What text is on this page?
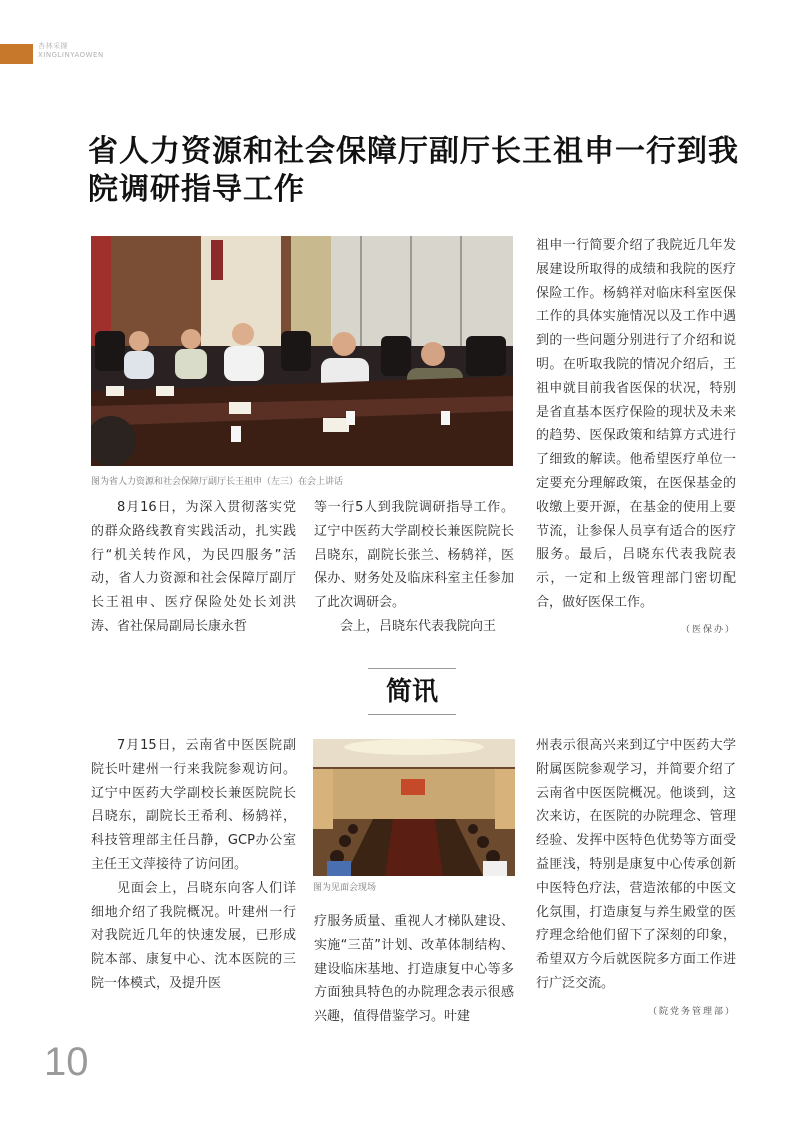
杏林采撷
XINGLINYAOWEN
省人力资源和社会保障厅副厅长王祖申一行到我院调研指导工作
图为省人力资源和社会保障厅副厅长王祖申（左三）在会上讲话

8月16日，为深入贯彻落实党的群众路线教育实践活动，扎实践行“机关转作风，为民四服务”活动，省人力资源和社会保障厅副厅长王祖申、医疗保险处处长刘洪涛、省社保局副局长康永哲

等一行5人到我院调研指导工作。辽宁中医药大学副校长兼医院院长吕晓东，副院长张兰、杨鸫祥，医保办、财务处及临床科室主任参加了此次调研会。

会上，吕晓东代表我院向王

祖申一行简要介绍了我院近几年发展建设所取得的成绩和我院的医疗保险工作。杨鸫祥对临床科室医保工作的具体实施情况以及工作中遇到的一些问题分别进行了介绍和说明。在听取我院的情况介绍后，王祖申就目前我省医保的状况，特别是省直基本医疗保险的现状及未来的趋势、医保政策和结算方式进行了细致的解读。他希望医疗单位一定要充分理解政策，在医保基金的收缴上要开源，在基金的使用上要节流，让参保人员享有适合的医疗服务。最后，吕晓东代表我院表示，一定和上级管理部门密切配合，做好医保工作。

（医保办）
简讯

7月15日，云南省中医医院副院长叶建州一行来我院参观访问。辽宁中医药大学副校长兼医院院长吕晓东，副院长王希利、杨鸫祥，科技管理部主任吕静，GCP办公室主任王文萍接待了访问团。

见面会上，吕晓东向客人们详细地介绍了我院概况。叶建州一行对我院近几年的快速发展，已形成院本部、康复中心、沈本医院的三院一体模式，及提升医

图为见面会现场

疗服务质量、重视人才梯队建设、实施“三苗”计划、改革体制结构、建设临床基地、打造康复中心等多方面独具特色的办院理念表示很感兴趣，值得借鉴学习。叶建

州表示很高兴来到辽宁中医药大学附属医院参观学习，并简要介绍了云南省中医医院概况。他谈到，这次来访，在医院的办院理念、管理经验、发挥中医特色优势等方面受益匪浅，特别是康复中心传承创新中医特色疗法，营造浓郁的中医文化氛围，打造康复与养生殿堂的医疗理念给他们留下了深刻的印象，希望双方今后就医院多方面工作进行广泛交流。

（院党务管理部）
10
